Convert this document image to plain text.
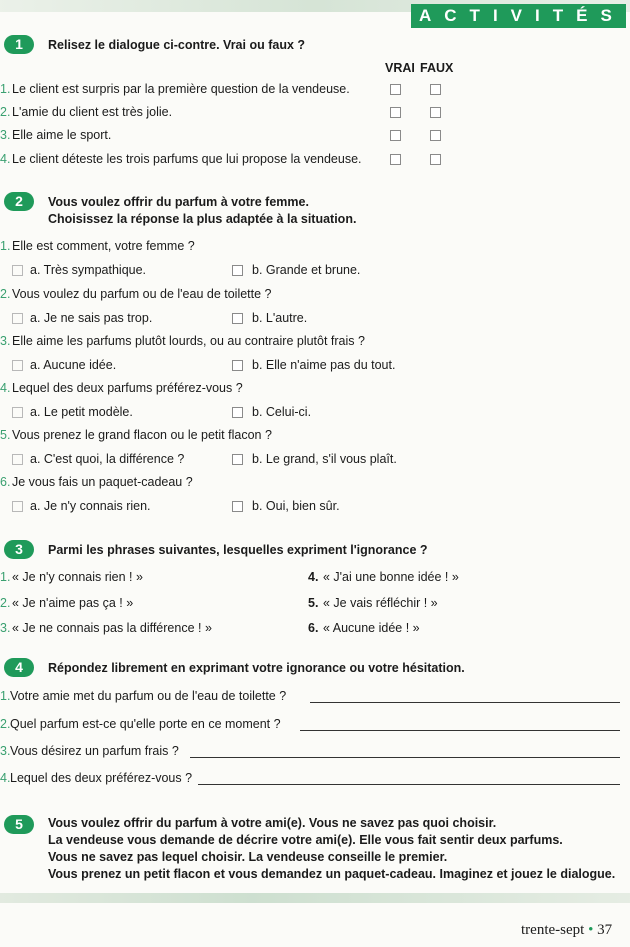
ACTIVITÉS
1	Relisez le dialogue ci-contre. Vrai ou faux ?
VRAI FAUX
1. Le client est surpris par la première question de la vendeuse.
2. L'amie du client est très jolie.
3. Elle aime le sport.
4. Le client déteste les trois parfums que lui propose la vendeuse.
2	Vous voulez offrir du parfum à votre femme.
Choisissez la réponse la plus adaptée à la situation.
1. Elle est comment, votre femme ?
a. Très sympathique.	b. Grande et brune.
2. Vous voulez du parfum ou de l'eau de toilette ?
a. Je ne sais pas trop.	b. L'autre.
3. Elle aime les parfums plutôt lourds, ou au contraire plutôt frais ?
a. Aucune idée.	b. Elle n'aime pas du tout.
4. Lequel des deux parfums préférez-vous ?
a. Le petit modèle.	b. Celui-ci.
5. Vous prenez le grand flacon ou le petit flacon ?
a. C'est quoi, la différence ?	b. Le grand, s'il vous plaît.
6. Je vous fais un paquet-cadeau ?
a. Je n'y connais rien.	b. Oui, bien sûr.
3	Parmi les phrases suivantes, lesquelles expriment l'ignorance ?
1. « Je n'y connais rien ! »
2. « Je n'aime pas ça ! »
3. « Je ne connais pas la différence ! »
4. « J'ai une bonne idée ! »
5. « Je vais réfléchir ! »
6. « Aucune idée ! »
4	Répondez librement en exprimant votre ignorance ou votre hésitation.
1. Votre amie met du parfum ou de l'eau de toilette ?
2. Quel parfum est-ce qu'elle porte en ce moment ?
3. Vous désirez un parfum frais ?
4. Lequel des deux préférez-vous ?
5	Vous voulez offrir du parfum à votre ami(e). Vous ne savez pas quoi choisir.
La vendeuse vous demande de décrire votre ami(e). Elle vous fait sentir deux parfums.
Vous ne savez pas lequel choisir. La vendeuse conseille le premier.
Vous prenez un petit flacon et vous demandez un paquet-cadeau. Imaginez et jouez le dialogue.
trente-sept • 37
